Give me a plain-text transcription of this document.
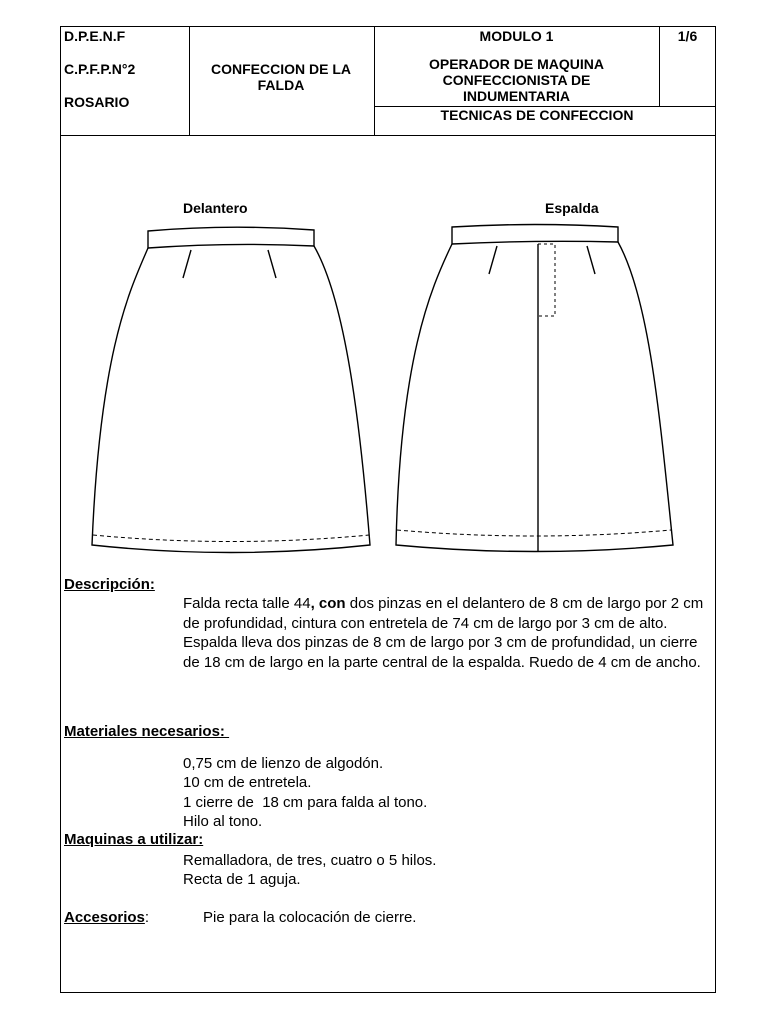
D.P.E.N.F
C.P.F.P.N°2
ROSARIO
CONFECCION DE LA FALDA
MODULO 1	1/6
OPERADOR DE MAQUINA CONFECCIONISTA DE INDUMENTARIA
TECNICAS DE CONFECCION
Delantero	Espalda
Descripción:
Falda recta talle 44, con dos pinzas en el delantero de 8 cm de largo por 2 cm de profundidad, cintura con entretela de 74 cm de largo por 3 cm de alto. Espalda lleva dos pinzas de 8 cm de largo por 3 cm de profundidad, un cierre de 18 cm de largo en la parte central de la espalda. Ruedo de 4 cm de ancho.
Materiales necesarios:
0,75 cm de lienzo de algodón.
10 cm de entretela.
1 cierre de  18 cm para falda al tono.
Hilo al tono.
Maquinas a utilizar:
Remalladora, de tres, cuatro o 5 hilos.
Recta de 1 aguja.
Accesorios:	Pie para la colocación de cierre.
